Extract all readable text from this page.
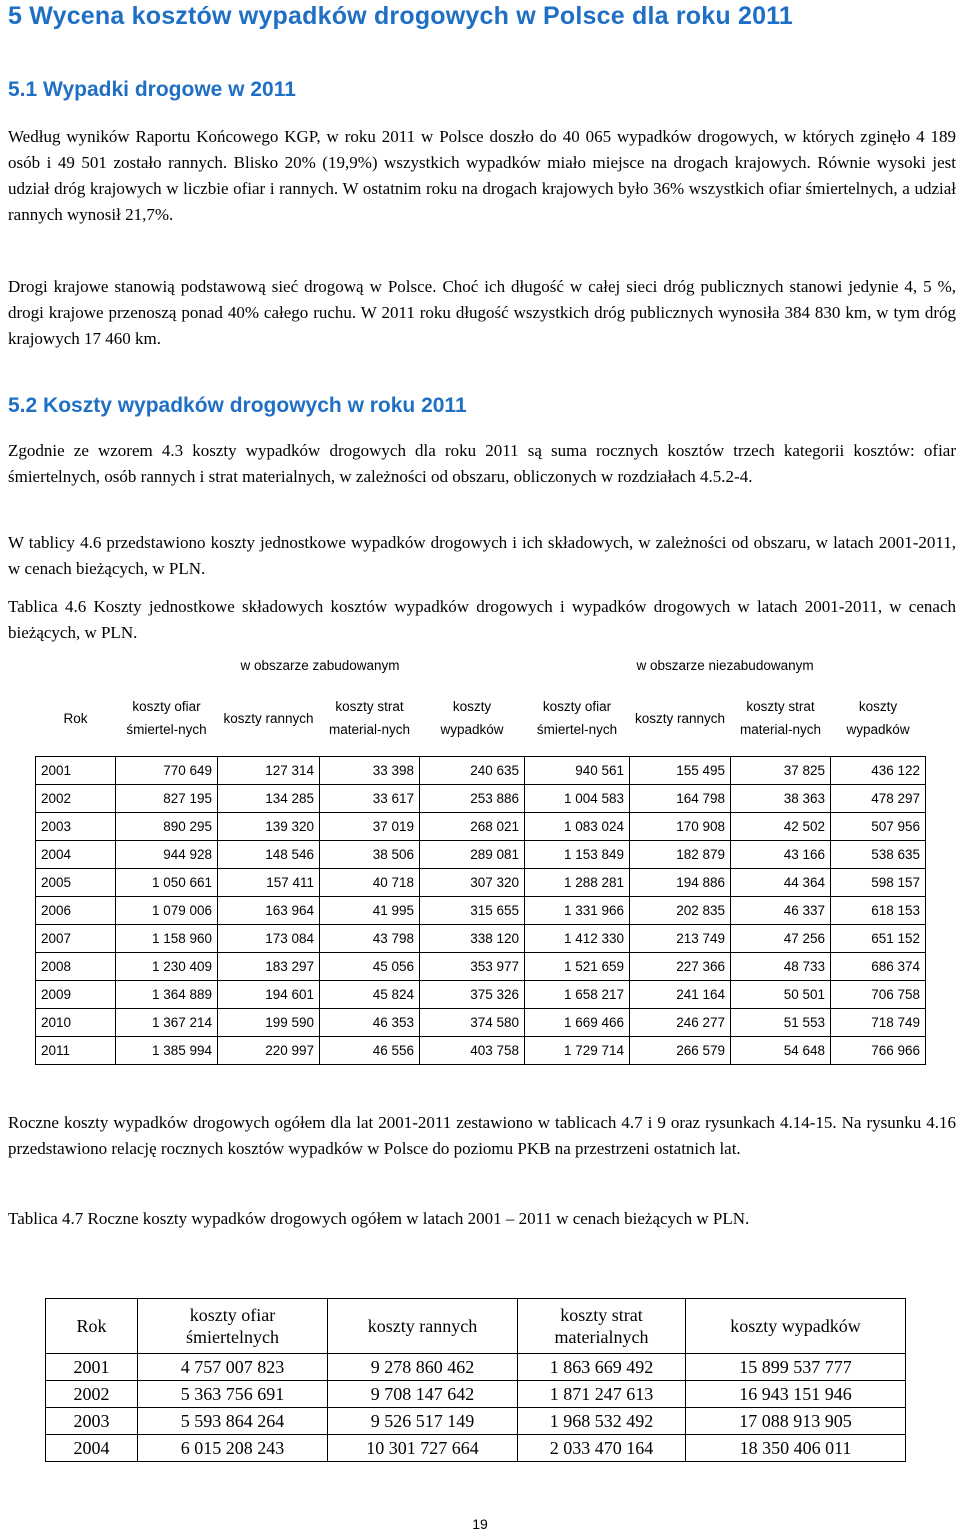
5 Wycena kosztów wypadków drogowych w Polsce dla roku 2011
5.1 Wypadki drogowe w 2011

Według wyników Raportu Końcowego KGP, w roku 2011 w Polsce doszło do 40 065 wypadków drogowych, w których zginęło 4 189 osób i 49 501 zostało rannych. Blisko 20% (19,9%) wszystkich wypadków miało miejsce na drogach krajowych. Równie wysoki jest udział dróg krajowych w liczbie ofiar i rannych. W ostatnim roku na drogach krajowych było 36% wszystkich ofiar śmiertelnych, a udział rannych wynosił 21,7%.

Drogi krajowe stanowią podstawową sieć drogową w Polsce. Choć ich długość w całej sieci dróg publicznych stanowi jedynie 4, 5 %, drogi krajowe przenoszą ponad 40% całego ruchu. W 2011 roku długość wszystkich dróg publicznych wynosiła 384 830 km, w tym dróg krajowych 17 460 km.

5.2 Koszty wypadków drogowych w roku 2011

Zgodnie ze wzorem 4.3 koszty wypadków drogowych dla roku 2011 są suma rocznych kosztów trzech kategorii kosztów: ofiar śmiertelnych, osób rannych i strat materialnych, w zależności od obszaru, obliczonych w rozdziałach 4.5.2-4.

W tablicy 4.6 przedstawiono koszty jednostkowe wypadków drogowych i ich składowych, w zależności od obszaru, w latach 2001-2011, w cenach bieżących, w PLN.

Tablica 4.6 Koszty jednostkowe składowych kosztów wypadków drogowych i wypadków drogowych w latach 2001-2011, w cenach bieżących, w PLN.

	w obszarze zabudowanym				w obszarze niezabudowanym			
Rok	koszty ofiar śmiertel-nych	koszty rannych	koszty strat material-nych	koszty wypadków	koszty ofiar śmiertel-nych	koszty rannych	koszty strat material-nych	koszty wypadków
2001	770 649	127 314	33 398	240 635	940 561	155 495	37 825	436 122
2002	827 195	134 285	33 617	253 886	1 004 583	164 798	38 363	478 297
2003	890 295	139 320	37 019	268 021	1 083 024	170 908	42 502	507 956
2004	944 928	148 546	38 506	289 081	1 153 849	182 879	43 166	538 635
2005	1 050 661	157 411	40 718	307 320	1 288 281	194 886	44 364	598 157
2006	1 079 006	163 964	41 995	315 655	1 331 966	202 835	46 337	618 153
2007	1 158 960	173 084	43 798	338 120	1 412 330	213 749	47 256	651 152
2008	1 230 409	183 297	45 056	353 977	1 521 659	227 366	48 733	686 374
2009	1 364 889	194 601	45 824	375 326	1 658 217	241 164	50 501	706 758
2010	1 367 214	199 590	46 353	374 580	1 669 466	246 277	51 553	718 749
2011	1 385 994	220 997	46 556	403 758	1 729 714	266 579	54 648	766 966

Roczne koszty wypadków drogowych ogółem dla lat 2001-2011 zestawiono w tablicach 4.7 i 9 oraz rysunkach 4.14-15. Na rysunku 4.16 przedstawiono relację rocznych kosztów wypadków w Polsce do poziomu PKB na przestrzeni ostatnich lat.

Tablica 4.7 Roczne koszty wypadków drogowych ogółem w latach 2001 – 2011 w cenach bieżących w PLN.

Rok	koszty ofiar śmiertelnych	koszty rannych	koszty strat materialnych	koszty wypadków
2001	4 757 007 823	9 278 860 462	1 863 669 492	15 899 537 777
2002	5 363 756 691	9 708 147 642	1 871 247 613	16 943 151 946
2003	5 593 864 264	9 526 517 149	1 968 532 492	17 088 913 905
2004	6 015 208 243	10 301 727 664	2 033 470 164	18 350 406 011
19
